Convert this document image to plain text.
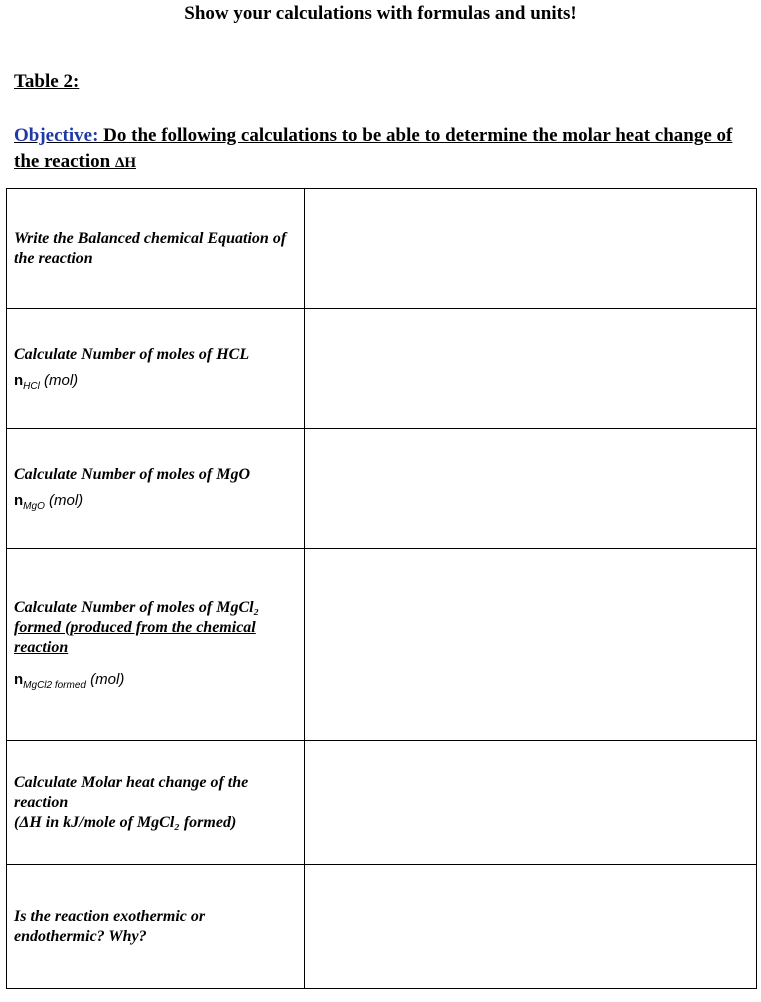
Show your calculations with formulas and units!
Table 2:
Objective: Do the following calculations to be able to determine the molar heat change of the reaction ΔH
Write the Balanced chemical Equation of the reaction	

Calculate Number of moles of HCL
$n_{HCl}$ (mol)	

Calculate Number of moles of MgO
$n_{MgO}$ (mol)	

Calculate Number of moles of MgCl₂
formed (produced from the chemical reaction
$n_{MgCl2 formed}$ (mol)	

Calculate Molar heat change of the reaction
(ΔH in kJ/mole of MgCl₂ formed)	

Is the reaction exothermic or endothermic? Why?	
